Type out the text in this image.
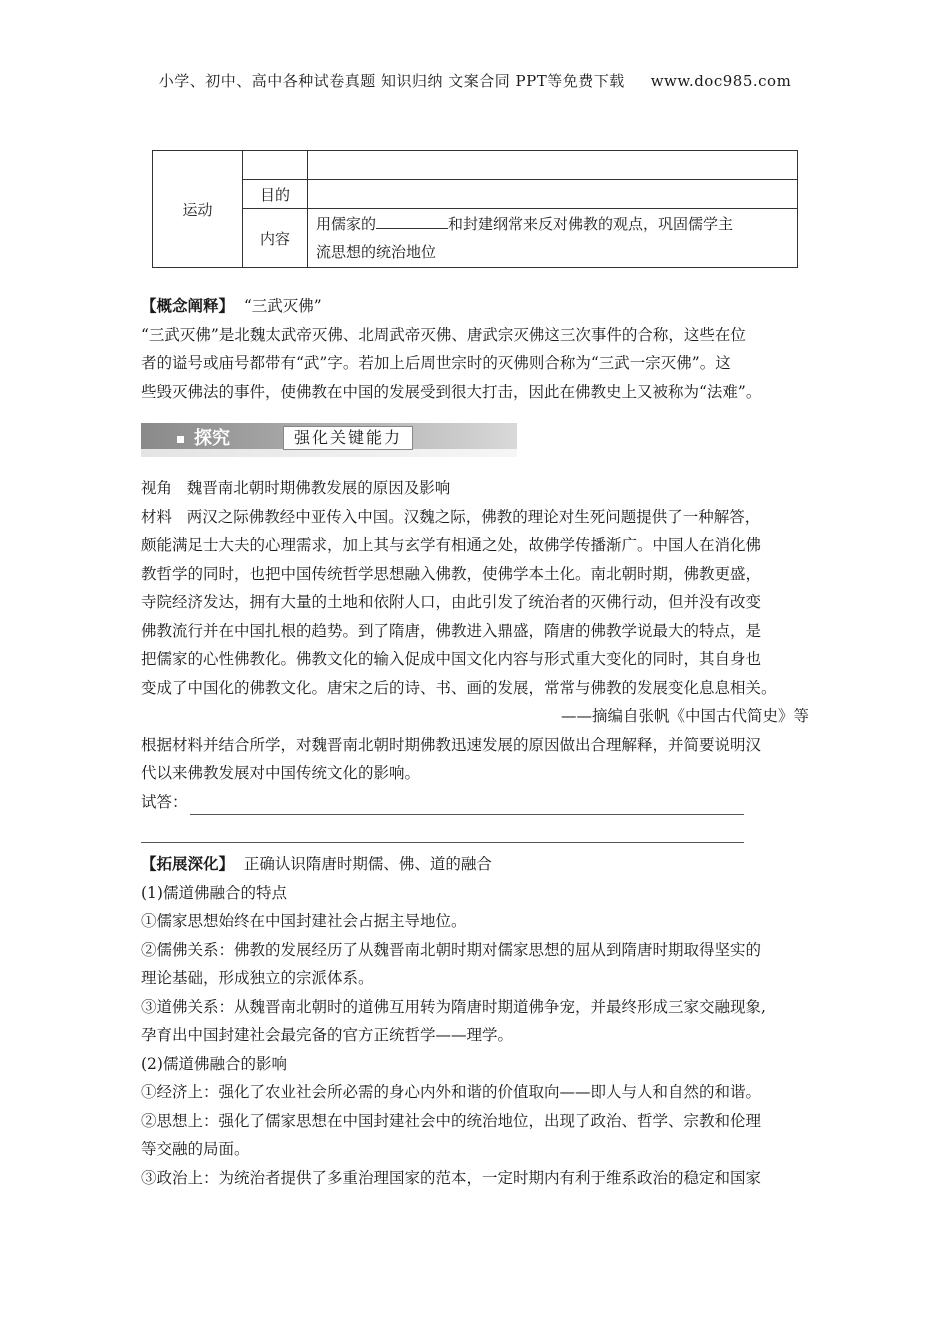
小学、初中、高中各种试卷真题 知识归纳 文案合同 PPT等免费下载 www.doc985.com
运动		
	目的	
	内容	用儒家的 和封建纲常来反对佛教的观点，巩固儒学主
流思想的统治地位

【概念阐释】 “三武灭佛”

“三武灭佛”是北魏太武帝灭佛、北周武帝灭佛、唐武宗灭佛这三次事件的合称，这些在位

者的谥号或庙号都带有“武”字。若加上后周世宗时的灭佛则合称为“三武一宗灭佛”。这

些毁灭佛法的事件，使佛教在中国的发展受到很大打击，因此在佛教史上又被称为“法难”。

探究	强化关键能力

视角 魏晋南北朝时期佛教发展的原因及影响

材料 两汉之际佛教经中亚传入中国。汉魏之际，佛教的理论对生死问题提供了一种解答，

颇能满足士大夫的心理需求，加上其与玄学有相通之处，故佛学传播渐广。中国人在消化佛

教哲学的同时，也把中国传统哲学思想融入佛教，使佛学本土化。南北朝时期，佛教更盛，

寺院经济发达，拥有大量的土地和依附人口，由此引发了统治者的灭佛行动，但并没有改变

佛教流行并在中国扎根的趋势。到了隋唐，佛教进入鼎盛，隋唐的佛教学说最大的特点，是

把儒家的心性佛教化。佛教文化的输入促成中国文化内容与形式重大变化的同时，其自身也

变成了中国化的佛教文化。唐宋之后的诗、书、画的发展，常常与佛教的发展变化息息相关。

——摘编自张帆《中国古代简史》等

根据材料并结合所学，对魏晋南北朝时期佛教迅速发展的原因做出合理解释，并简要说明汉

代以来佛教发展对中国传统文化的影响。

试答：

【拓展深化】 正确认识隋唐时期儒、佛、道的融合

(1)儒道佛融合的特点

①儒家思想始终在中国封建社会占据主导地位。

②儒佛关系：佛教的发展经历了从魏晋南北朝时期对儒家思想的屈从到隋唐时期取得坚实的

理论基础，形成独立的宗派体系。

③道佛关系：从魏晋南北朝时的道佛互用转为隋唐时期道佛争宠，并最终形成三家交融现象,

孕育出中国封建社会最完备的官方正统哲学——理学。

(2)儒道佛融合的影响

①经济上：强化了农业社会所必需的身心内外和谐的价值取向——即人与人和自然的和谐。

②思想上：强化了儒家思想在中国封建社会中的统治地位，出现了政治、哲学、宗教和伦理

等交融的局面。

③政治上：为统治者提供了多重治理国家的范本，一定时期内有利于维系政治的稳定和国家
